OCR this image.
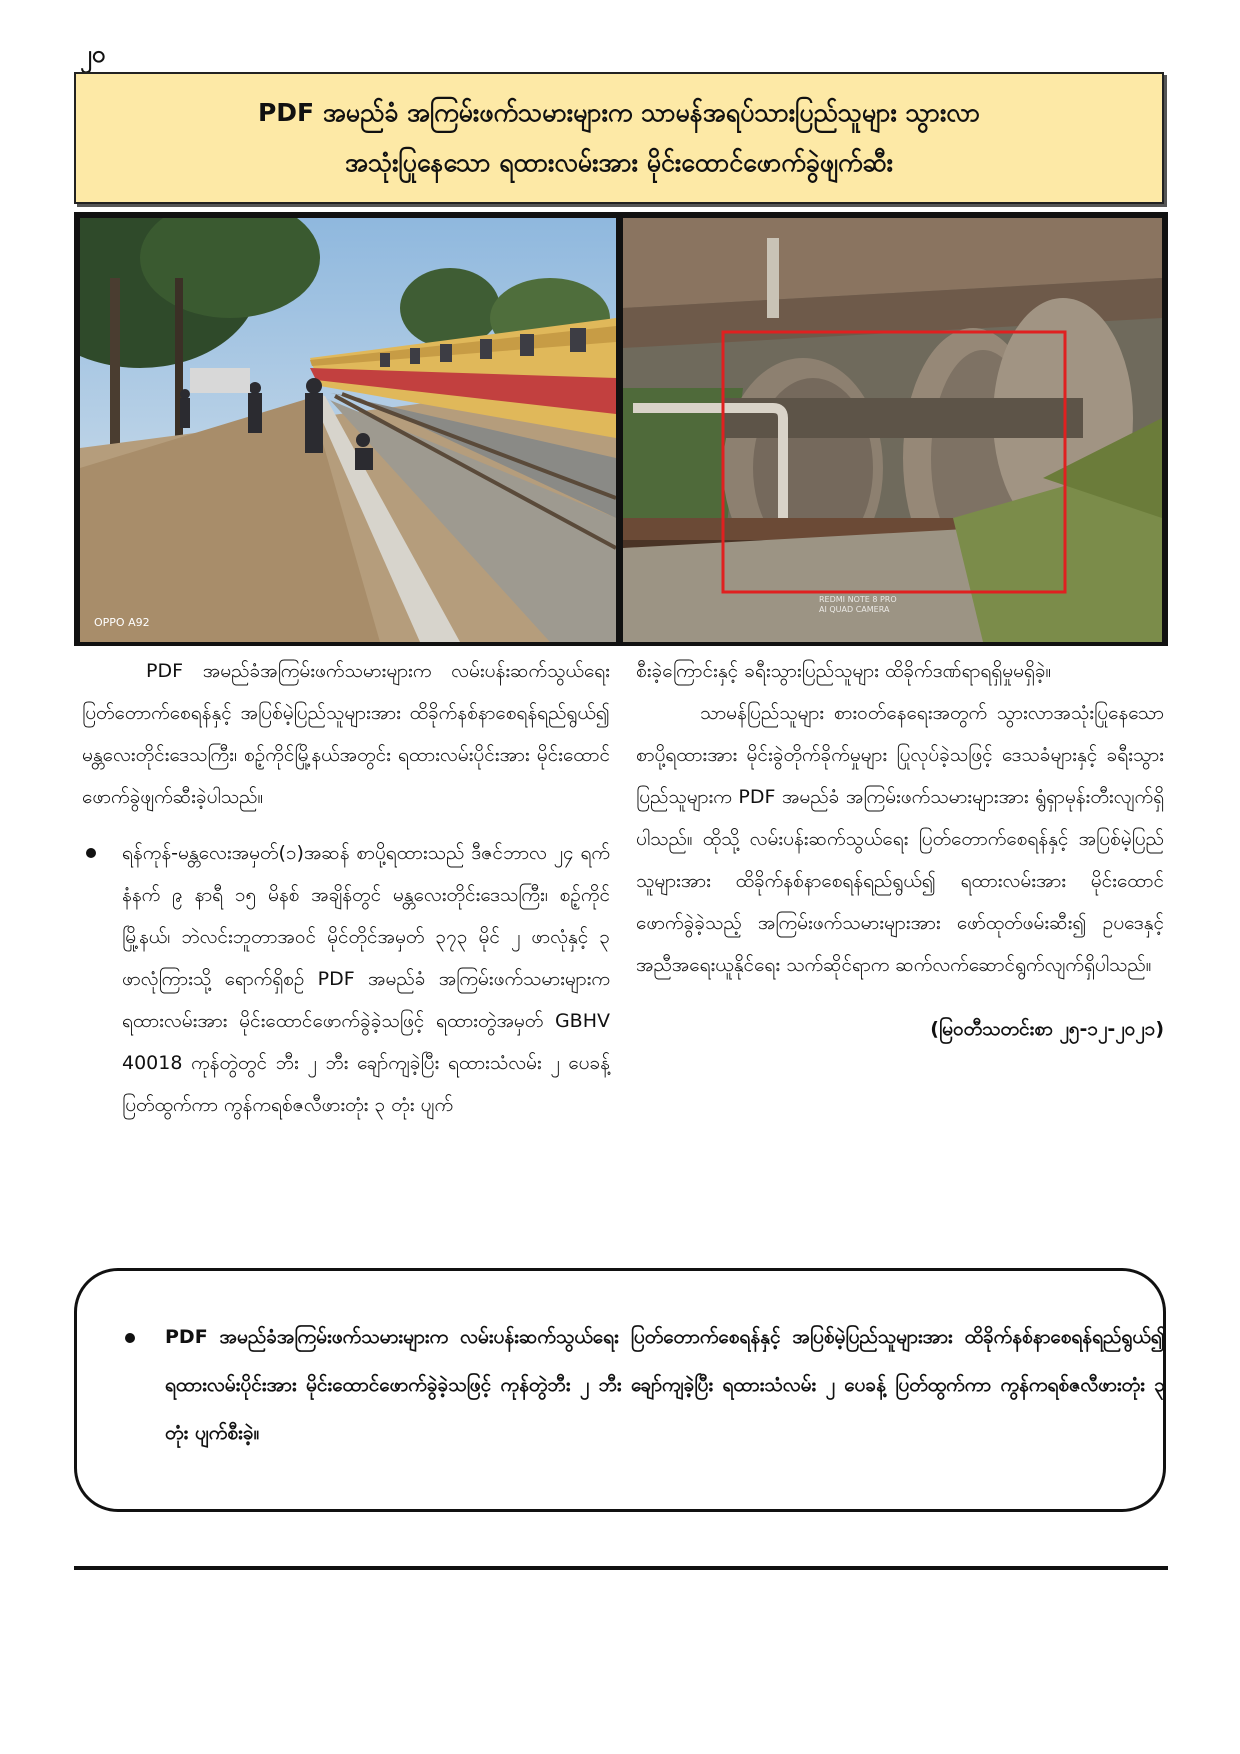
၂၀
PDF အမည်ခံ အကြမ်းဖက်သမားများက သာမန်အရပ်သားပြည်သူများ သွားလာ
အသုံးပြုနေသော ရထားလမ်းအား မိုင်းထောင်ဖောက်ခွဲဖျက်ဆီး
OPPO A92
REDMI NOTE 8 PRO
AI QUAD CAMERA

PDF အမည်ခံအကြမ်းဖက်သမားများက လမ်းပန်းဆက်သွယ်ရေး ပြတ်တောက်စေရန်နှင့် အပြစ်မဲ့ပြည်သူများအား ထိခိုက်နစ်နာစေရန်ရည်ရွယ်၍ မန္တလေးတိုင်းဒေသကြီး၊ စဉ့်ကိုင်မြို့နယ်အတွင်း ရထားလမ်းပိုင်းအား မိုင်းထောင်ဖောက်ခွဲဖျက်ဆီးခဲ့ပါသည်။

ရန်ကုန်-မန္တလေးအမှတ်(၁)အဆန် စာပို့ရထားသည် ဒီဇင်ဘာလ ၂၄ ရက် နံနက် ၉ နာရီ ၁၅ မိနစ် အချိန်တွင် မန္တလေးတိုင်းဒေသကြီး၊ စဉ့်ကိုင်မြို့နယ်၊ ဘဲလင်းဘူတာအဝင် မိုင်တိုင်အမှတ် ၃၇၃ မိုင် ၂ ဖာလုံနှင့် ၃ ဖာလုံကြားသို့ ရောက်ရှိစဉ် PDF အမည်ခံ အကြမ်းဖက်သမားများက ရထားလမ်းအား မိုင်းထောင်ဖောက်ခွဲခဲ့သဖြင့် ရထားတွဲအမှတ် GBHV 40018 ကုန်တွဲတွင် ဘီး ၂ ဘီး ချော်ကျခဲ့ပြီး ရထားသံလမ်း ၂ ပေခန့် ပြတ်ထွက်ကာ ကွန်ကရစ်ဇလီဖားတုံး ၃ တုံး ပျက်

စီးခဲ့ကြောင်းနှင့် ခရီးသွားပြည်သူများ ထိခိုက်ဒဏ်ရာရရှိမှုမရှိခဲ့။

သာမန်ပြည်သူများ စားဝတ်နေရေးအတွက် သွားလာအသုံးပြုနေသော စာပို့ရထားအား မိုင်းခွဲတိုက်ခိုက်မှုများ ပြုလုပ်ခဲ့သဖြင့် ဒေသခံများနှင့် ခရီးသွားပြည်သူများက PDF အမည်ခံ အကြမ်းဖက်သမားများအား ရွံရှာမုန်းတီးလျက်ရှိပါသည်။ ထိုသို့ လမ်းပန်းဆက်သွယ်ရေး ပြတ်တောက်စေရန်နှင့် အပြစ်မဲ့ပြည်သူများအား ထိခိုက်နစ်နာစေရန်ရည်ရွယ်၍ ရထားလမ်းအား မိုင်းထောင်ဖောက်ခွဲခဲ့သည့် အကြမ်းဖက်သမားများအား ဖော်ထုတ်ဖမ်းဆီး၍ ဥပဒေနှင့်အညီအရေးယူနိုင်ရေး သက်ဆိုင်ရာက ဆက်လက်ဆောင်ရွက်လျက်ရှိပါသည်။

(မြဝတီသတင်းစာ ၂၅-၁၂-၂၀၂၁)

PDF အမည်ခံအကြမ်းဖက်သမားများက လမ်းပန်းဆက်သွယ်ရေး ပြတ်တောက်စေရန်နှင့် အပြစ်မဲ့ပြည်သူများအား ထိခိုက်နစ်နာစေရန်ရည်ရွယ်၍ ရထားလမ်းပိုင်းအား မိုင်းထောင်ဖောက်ခွဲခဲ့သဖြင့် ကုန်တွဲဘီး ၂ ဘီး ချော်ကျခဲ့ပြီး ရထားသံလမ်း ၂ ပေခန့် ပြတ်ထွက်ကာ ကွန်ကရစ်ဇလီဖားတုံး ၃ တုံး ပျက်စီးခဲ့။
